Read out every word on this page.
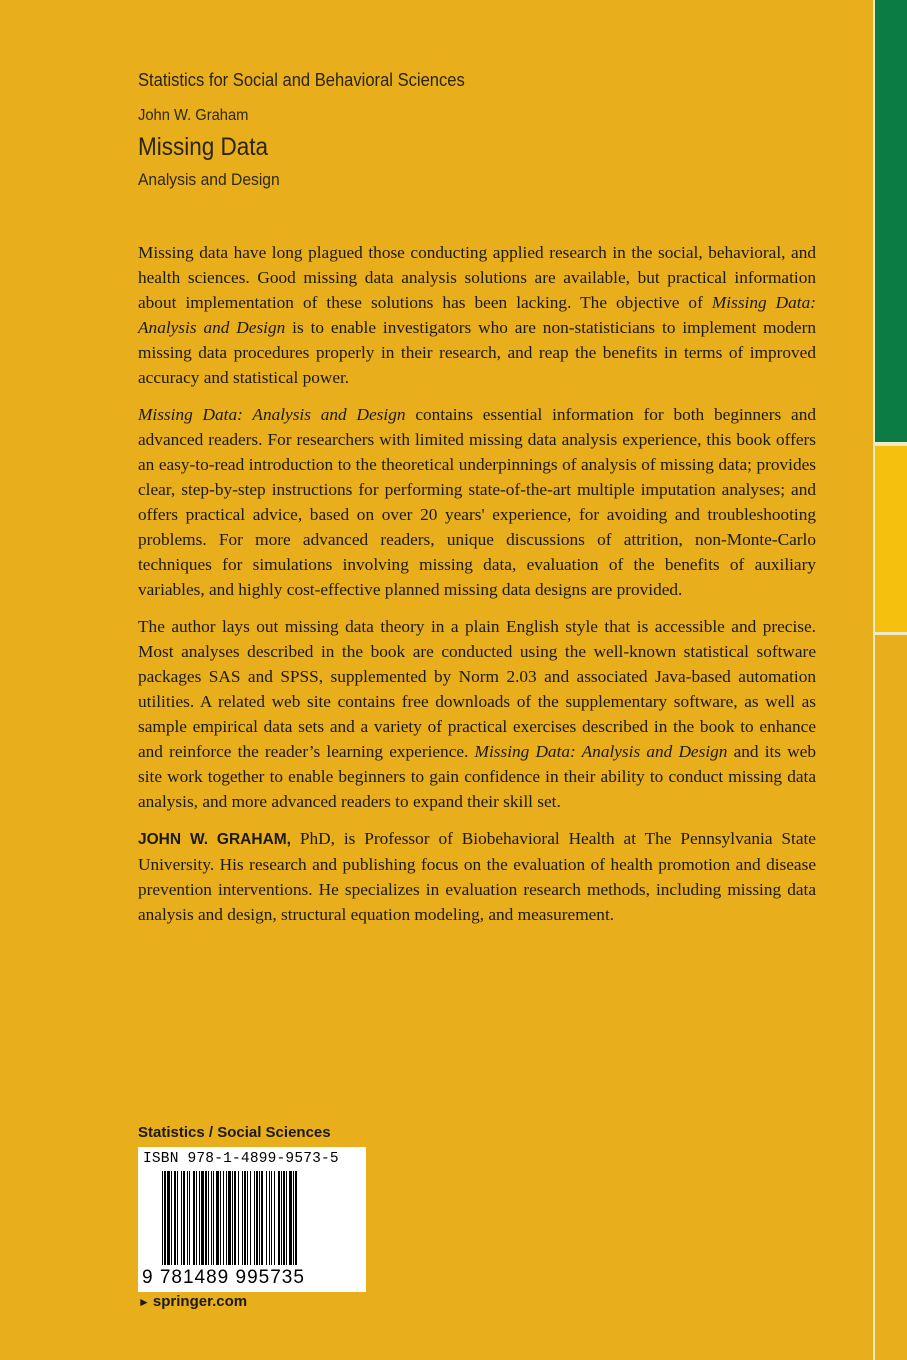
Statistics for Social and Behavioral Sciences
John W. Graham
Missing Data
Analysis and Design

Missing data have long plagued those conducting applied research in the social, behavioral, and health sciences. Good missing data analysis solutions are available, but practical information about implementation of these solutions has been lacking. The objective of Missing Data: Analysis and Design is to enable investigators who are non-statisticians to implement modern missing data procedures properly in their research, and reap the benefits in terms of improved accuracy and statistical power.

Missing Data: Analysis and Design contains essential information for both beginners and advanced readers. For researchers with limited missing data analysis experience, this book offers an easy-to-read introduction to the theoretical underpinnings of analysis of missing data; provides clear, step-by-step instructions for performing state-of-the-art multiple imputation analyses; and offers practical advice, based on over 20 years' experience, for avoiding and troubleshooting problems. For more advanced readers, unique discussions of attrition, non-Monte-Carlo techniques for simulations involving missing data, evaluation of the benefits of auxiliary variables, and highly cost-effective planned missing data designs are provided.

The author lays out missing data theory in a plain English style that is accessible and precise. Most analyses described in the book are conducted using the well-known statistical software packages SAS and SPSS, supplemented by Norm 2.03 and associated Java-based automation utilities. A related web site contains free downloads of the supplementary software, as well as sample empirical data sets and a variety of practical exercises described in the book to enhance and reinforce the reader’s learning experience. Missing Data: Analysis and Design and its web site work together to enable beginners to gain confidence in their ability to conduct missing data analysis, and more advanced readers to expand their skill set.

JOHN W. GRAHAM, PhD, is Professor of Biobehavioral Health at The Pennsylvania State University. His research and publishing focus on the evaluation of health promotion and disease prevention interventions. He specializes in evaluation research methods, including missing data analysis and design, structural equation modeling, and measurement.

Statistics / Social Sciences
ISBN 978-1-4899-9573-5
9 781489 995735
► springer.com
